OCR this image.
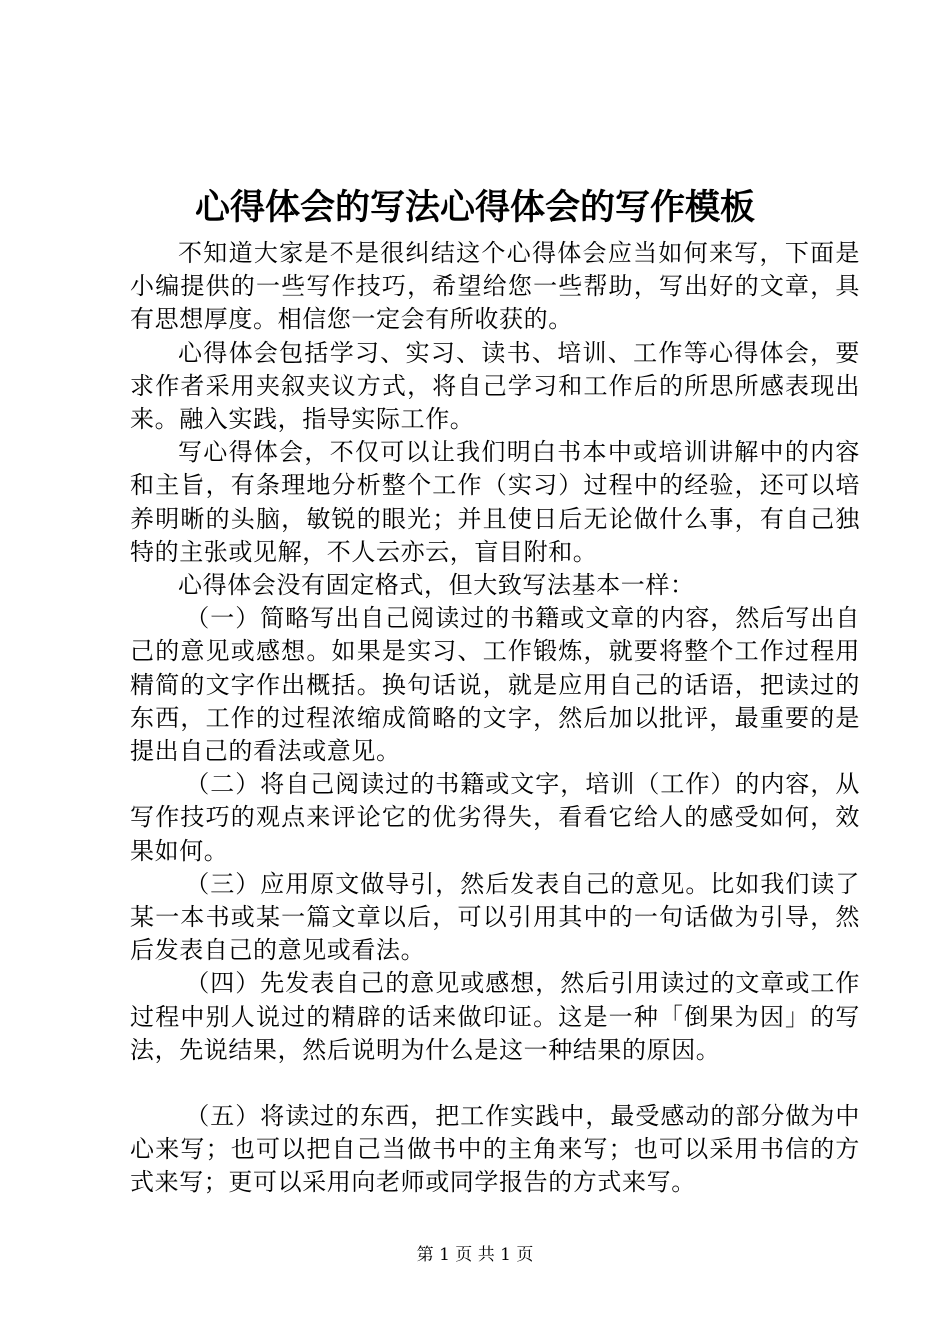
心得体会的写法心得体会的写作模板

不知道大家是不是很纠结这个心得体会应当如何来写，下面是小编提供的一些写作技巧，希望给您一些帮助，写出好的文章，具有思想厚度。相信您一定会有所收获的。

心得体会包括学习、实习、读书、培训、工作等心得体会，要求作者采用夹叙夹议方式，将自己学习和工作后的所思所感表现出来。融入实践，指导实际工作。

写心得体会，不仅可以让我们明白书本中或培训讲解中的内容和主旨，有条理地分析整个工作（实习）过程中的经验，还可以培养明晰的头脑，敏锐的眼光；并且使日后无论做什么事，有自己独特的主张或见解，不人云亦云，盲目附和。

心得体会没有固定格式，但大致写法基本一样：

（一）简略写出自己阅读过的书籍或文章的内容，然后写出自己的意见或感想。如果是实习、工作锻炼，就要将整个工作过程用精简的文字作出概括。换句话说，就是应用自己的话语，把读过的东西，工作的过程浓缩成简略的文字，然后加以批评，最重要的是提出自己的看法或意见。

（二）将自己阅读过的书籍或文字，培训（工作）的内容，从写作技巧的观点来评论它的优劣得失，看看它给人的感受如何，效果如何。

（三）应用原文做导引，然后发表自己的意见。比如我们读了某一本书或某一篇文章以后，可以引用其中的一句话做为引导，然后发表自己的意见或看法。

（四）先发表自己的意见或感想，然后引用读过的文章或工作过程中别人说过的精辟的话来做印证。这是一种「倒果为因」的写法，先说结果，然后说明为什么是这一种结果的原因。

（五）将读过的东西，把工作实践中，最受感动的部分做为中心来写；也可以把自己当做书中的主角来写；也可以采用书信的方式来写；更可以采用向老师或同学报告的方式来写。

第 1 页 共 1 页
